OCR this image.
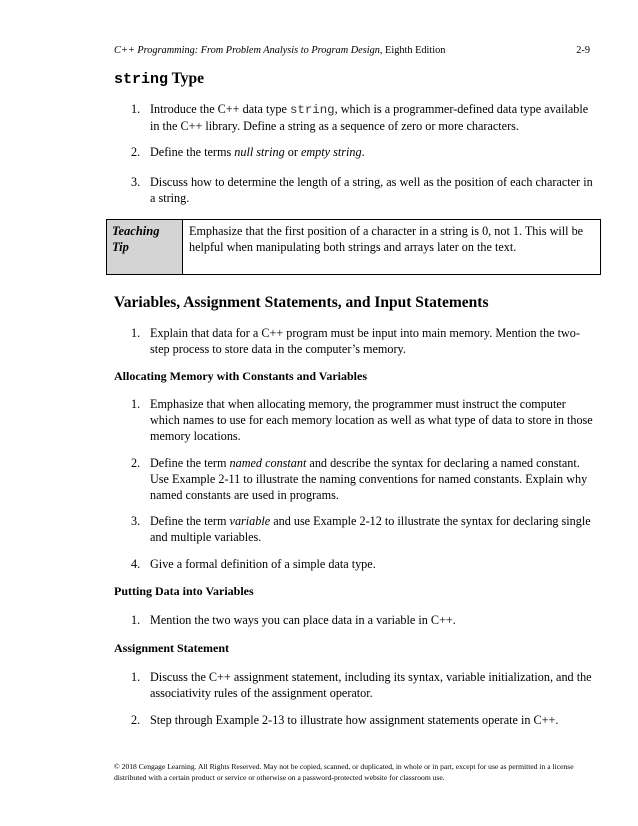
C++ Programming: From Problem Analysis to Program Design, Eighth Edition	2-9
string Type
1. Introduce the C++ data type string, which is a programmer-defined data type available in the C++ library. Define a string as a sequence of zero or more characters.
2. Define the terms null string or empty string.
3. Discuss how to determine the length of a string, as well as the position of each character in a string.
Teaching Tip
Emphasize that the first position of a character in a string is 0, not 1. This will be helpful when manipulating both strings and arrays later on the text.
Variables, Assignment Statements, and Input Statements
1. Explain that data for a C++ program must be input into main memory. Mention the two-step process to store data in the computer’s memory.
Allocating Memory with Constants and Variables
1. Emphasize that when allocating memory, the programmer must instruct the computer which names to use for each memory location as well as what type of data to store in those memory locations.
2. Define the term named constant and describe the syntax for declaring a named constant. Use Example 2-11 to illustrate the naming conventions for named constants. Explain why named constants are used in programs.
3. Define the term variable and use Example 2-12 to illustrate the syntax for declaring single and multiple variables.
4. Give a formal definition of a simple data type.
Putting Data into Variables
1. Mention the two ways you can place data in a variable in C++.
Assignment Statement
1. Discuss the C++ assignment statement, including its syntax, variable initialization, and the associativity rules of the assignment operator.
2. Step through Example 2-13 to illustrate how assignment statements operate in C++.
© 2018 Cengage Learning. All Rights Reserved. May not be copied, scanned, or duplicated, in whole or in part, except for use as permitted in a license distributed with a certain product or service or otherwise on a password-protected website for classroom use.
